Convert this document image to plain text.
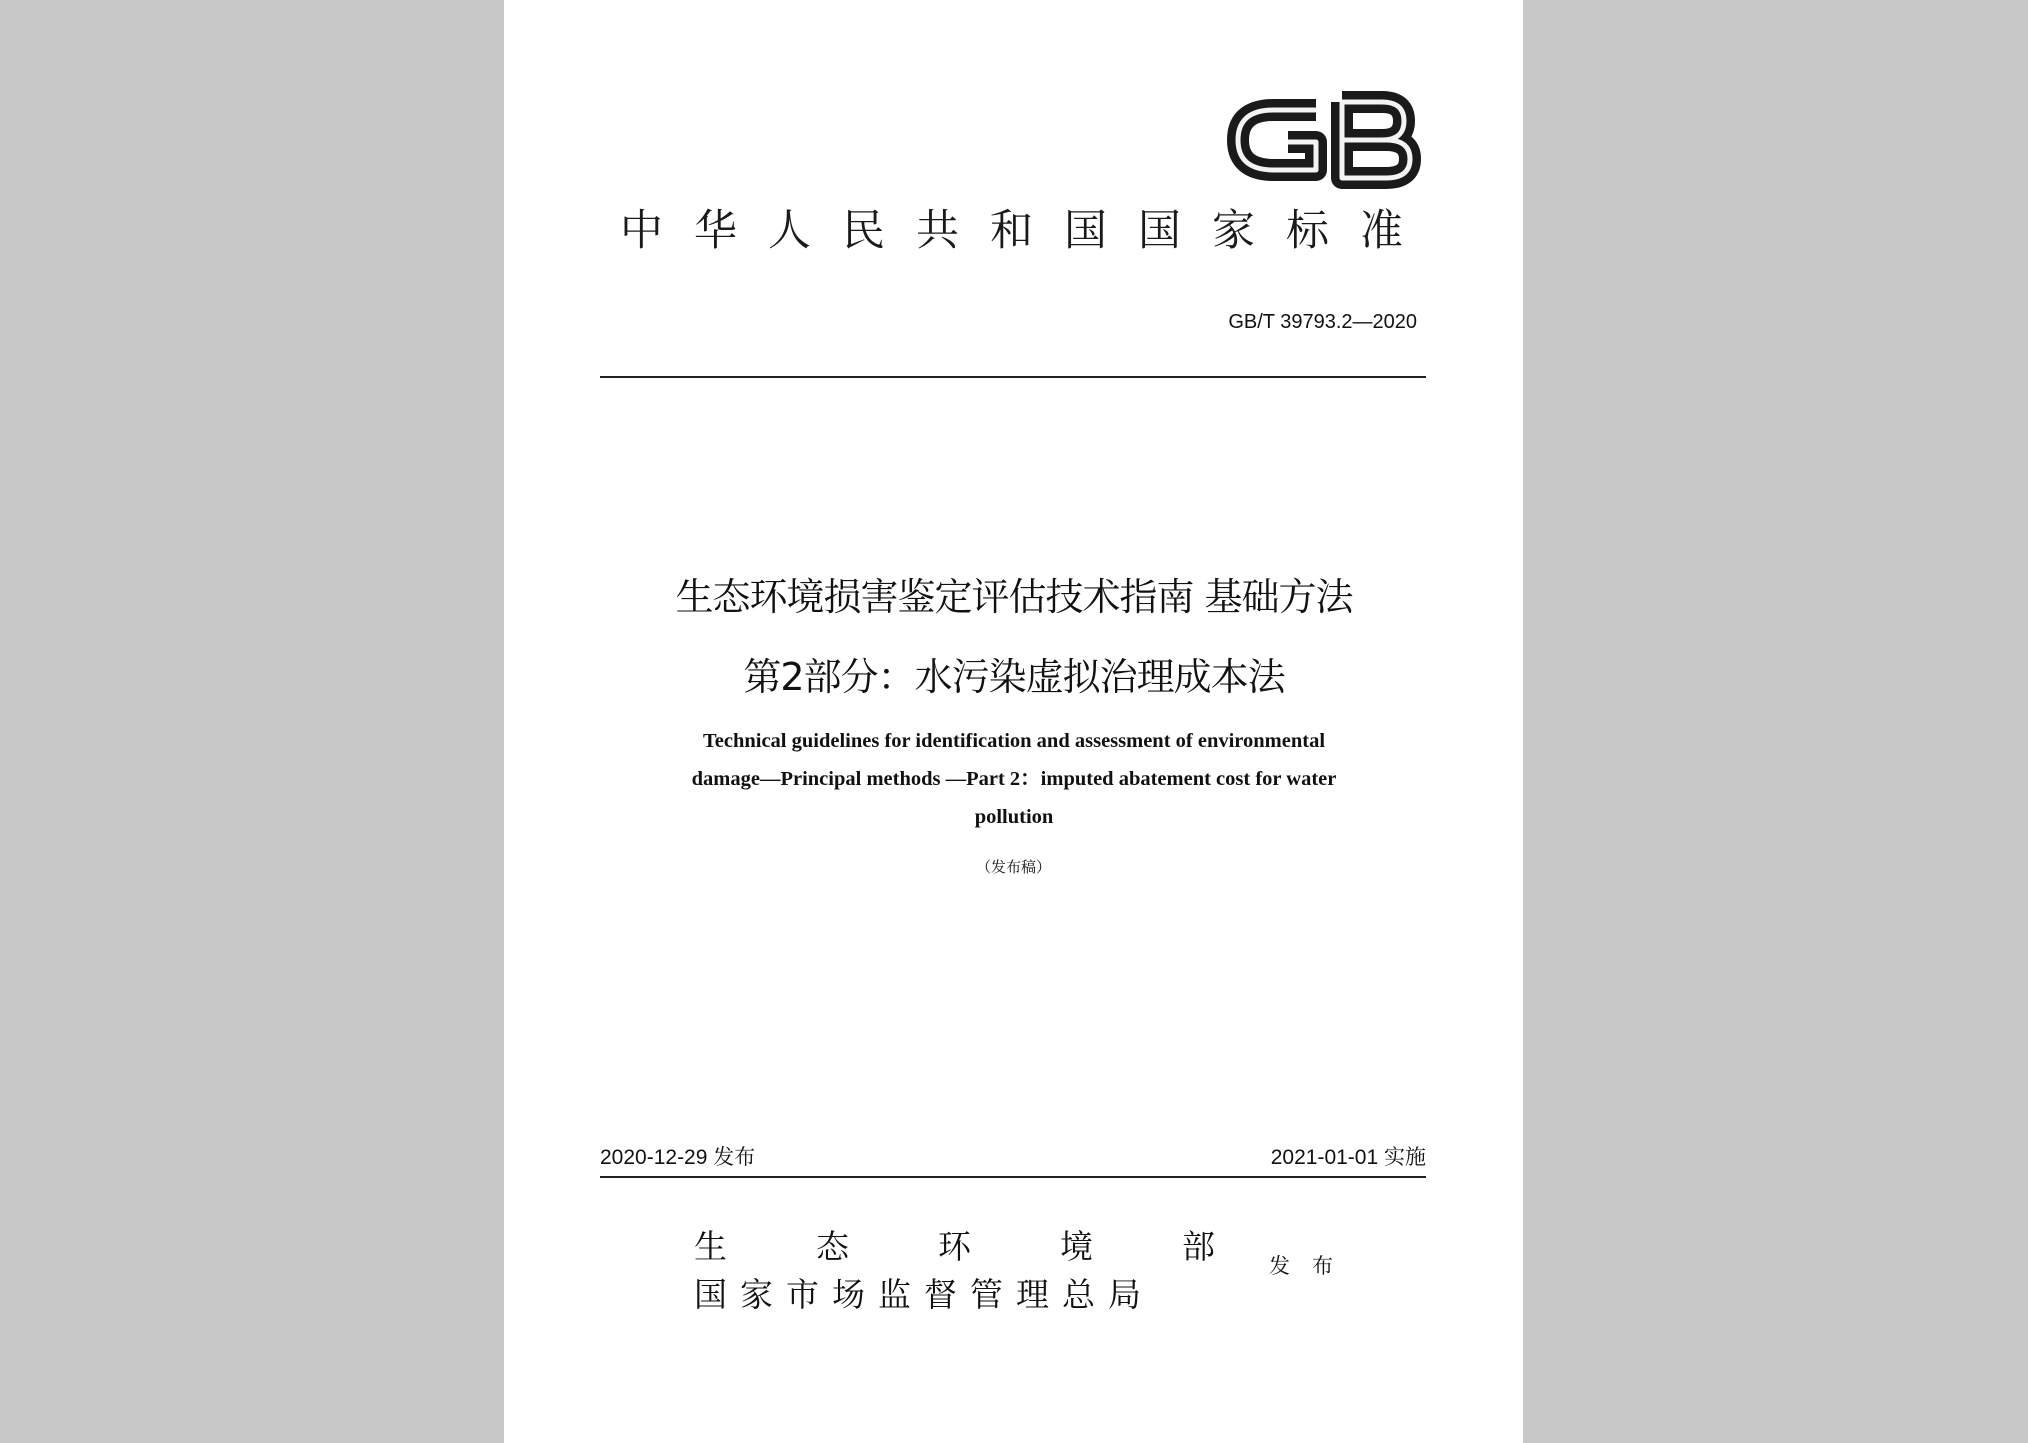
中华人民共和国国家标准
GB/T 39793.2—2020
生态环境损害鉴定评估技术指南 基础方法
第2部分：水污染虚拟治理成本法
Technical guidelines for identification and assessment of environmental
damage—Principal methods —Part 2：imputed abatement cost for water
pollution
（发布稿）
2020-12-29 发布	2021-01-01 实施
生态环境部
国家市场监督管理总局
发布
